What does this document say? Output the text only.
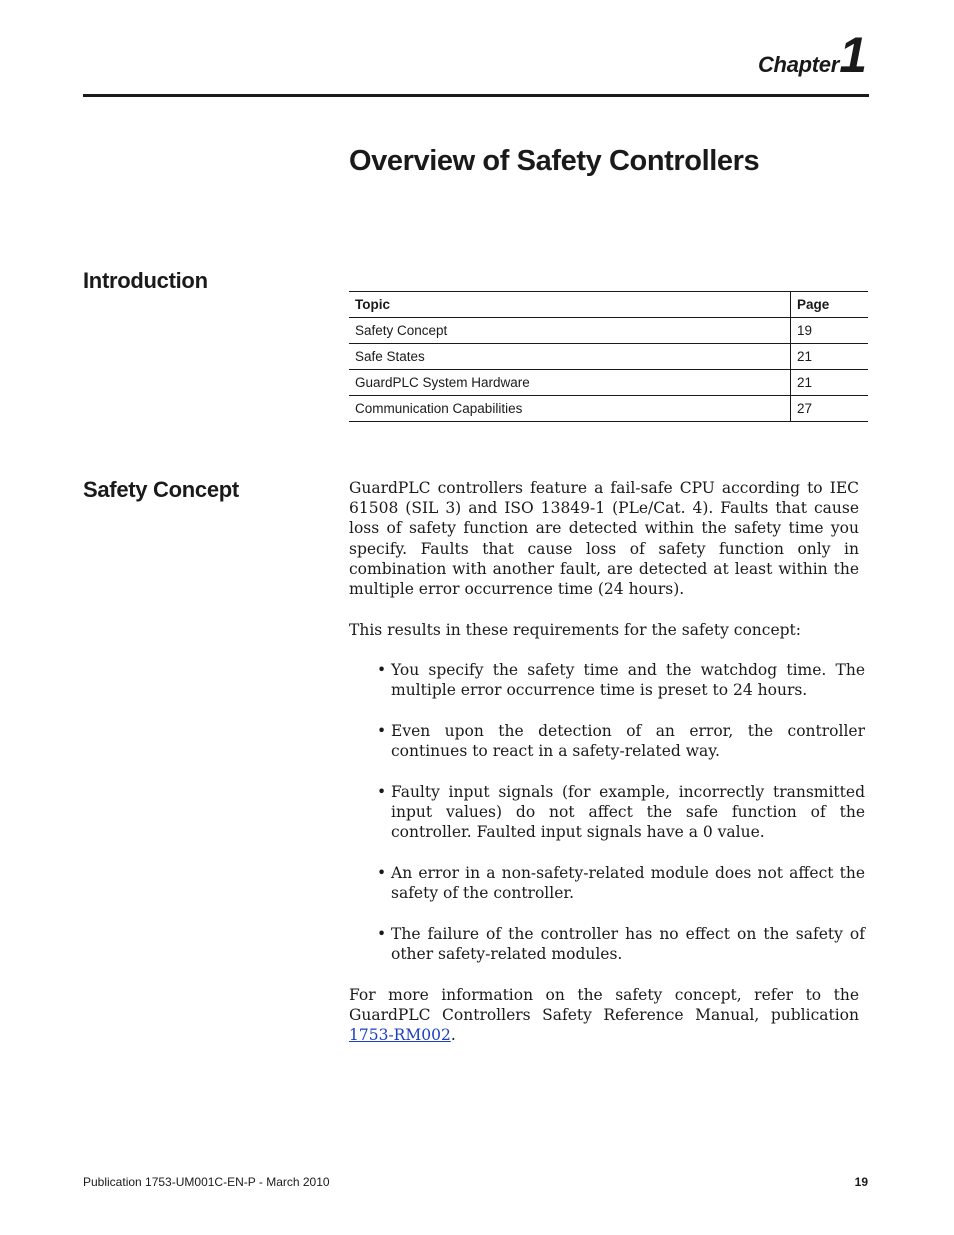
Chapter 1
Overview of Safety Controllers
Introduction
Topic	Page
Safety Concept	19
Safe States	21
GuardPLC System Hardware	21
Communication Capabilities	27
Safety Concept	GuardPLC controllers feature a fail-safe CPU according to IEC 61508 (SIL 3) and ISO 13849-1 (PLe/Cat. 4). Faults that cause loss of safety function are detected within the safety time you specify. Faults that cause loss of safety function only in combination with another fault, are detected at least within the multiple error occurrence time (24 hours).

This results in these requirements for the safety concept:

• You specify the safety time and the watchdog time. The multiple error occurrence time is preset to 24 hours.
• Even upon the detection of an error, the controller continues to react in a safety-related way.
• Faulty input signals (for example, incorrectly transmitted input values) do not affect the safe function of the controller. Faulted input signals have a 0 value.
• An error in a non-safety-related module does not affect the safety of the controller.
• The failure of the controller has no effect on the safety of other safety-related modules.

For more information on the safety concept, refer to the GuardPLC Controllers Safety Reference Manual, publication 1753-RM002.

Publication 1753-UM001C-EN-P - March 2010	19
